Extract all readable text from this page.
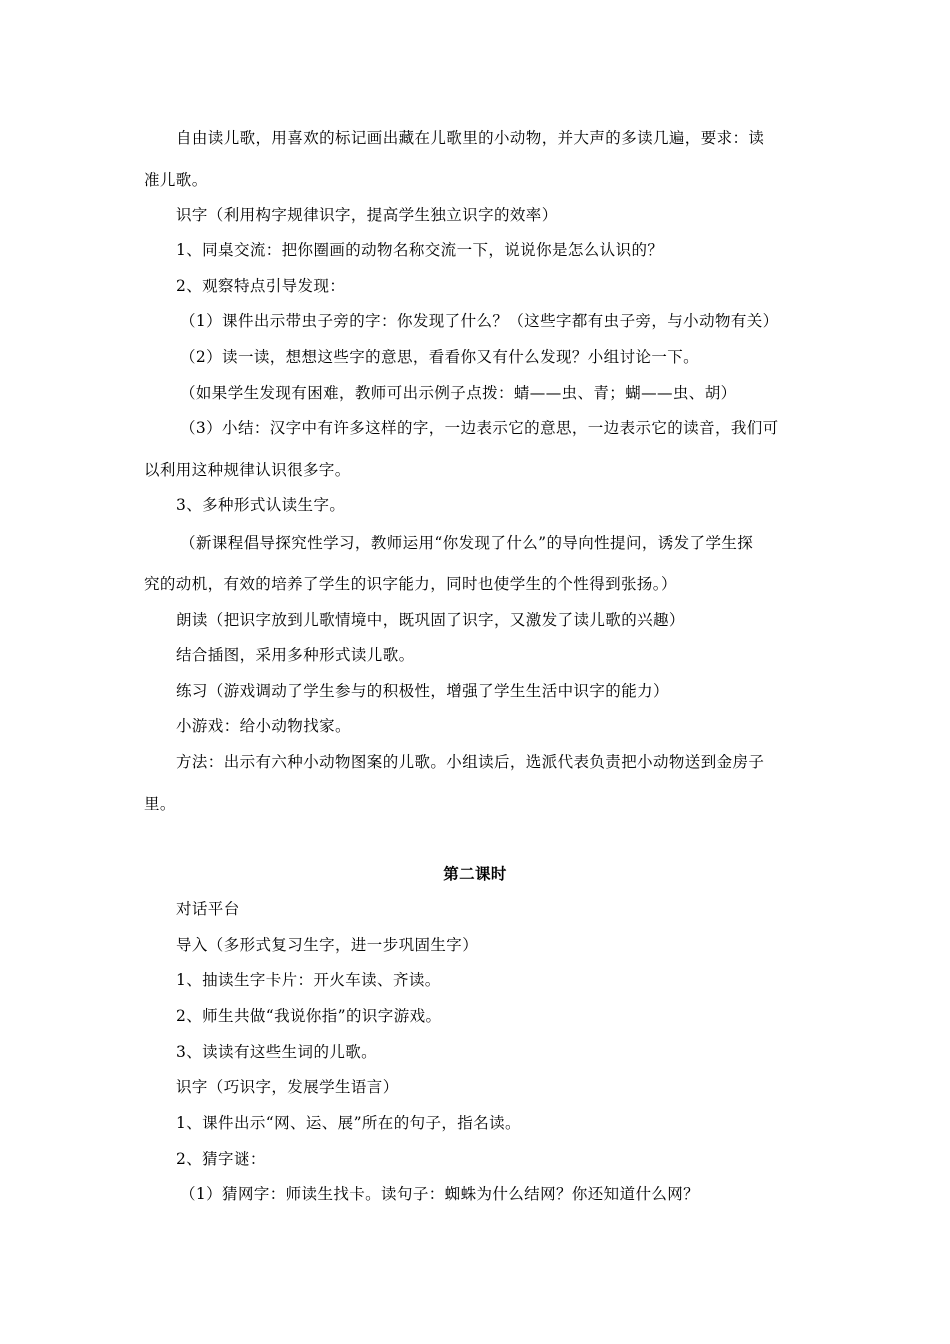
自由读儿歌，用喜欢的标记画出藏在儿歌里的小动物，并大声的多读几遍，要求：读
准儿歌。
识字（利用构字规律识字，提高学生独立识字的效率）
1、同桌交流：把你圈画的动物名称交流一下，说说你是怎么认识的？
2、观察特点引导发现：
（1）课件出示带虫子旁的字：你发现了什么？（这些字都有虫子旁，与小动物有关）
（2）读一读，想想这些字的意思，看看你又有什么发现？小组讨论一下。
（如果学生发现有困难，教师可出示例子点拨：蜻——虫、青；蝴——虫、胡）
（3）小结：汉字中有许多这样的字，一边表示它的意思，一边表示它的读音，我们可
以利用这种规律认识很多字。
3、多种形式认读生字。
（新课程倡导探究性学习，教师运用“你发现了什么”的导向性提问，诱发了学生探
究的动机，有效的培养了学生的识字能力，同时也使学生的个性得到张扬。）
朗读（把识字放到儿歌情境中，既巩固了识字，又激发了读儿歌的兴趣）
结合插图，采用多种形式读儿歌。
练习（游戏调动了学生参与的积极性，增强了学生生活中识字的能力）
小游戏：给小动物找家。
方法：出示有六种小动物图案的儿歌。小组读后，选派代表负责把小动物送到金房子
里。
第二课时
对话平台
导入（多形式复习生字，进一步巩固生字）
1、抽读生字卡片：开火车读、齐读。
2、师生共做“我说你指”的识字游戏。
3、读读有这些生词的儿歌。
识字（巧识字，发展学生语言）
1、课件出示“网、运、展”所在的句子，指名读。
2、猜字谜：
（1）猜网字：师读生找卡。读句子：蜘蛛为什么结网？你还知道什么网？
